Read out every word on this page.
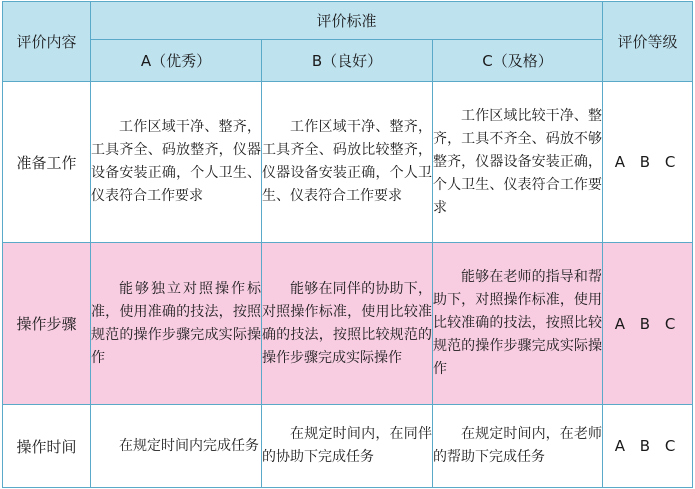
评价内容	评价标准			评价等级
	A（优秀）	B（良好）	C（及格）	
准备工作	工作区域干净、整齐，工具齐全、码放整齐，仪器设备安装正确，个人卫生、仪表符合工作要求	工作区域干净、整齐，工具齐全、码放比较整齐，仪器设备安装正确，个人卫生、仪表符合工作要求	工作区域比较干净、整齐，工具不齐全、码放不够整齐，仪器设备安装正确，个人卫生、仪表符合工作要求	A B C
操作步骤	能够独立对照操作标准，使用准确的技法，按照规范的操作步骤完成实际操作	能够在同伴的协助下，对照操作标准，使用比较准确的技法，按照比较规范的操作步骤完成实际操作	能够在老师的指导和帮助下，对照操作标准，使用比较准确的技法，按照比较规范的操作步骤完成实际操作	A B C
操作时间	在规定时间内完成任务	在规定时间内，在同伴的协助下完成任务	在规定时间内，在老师的帮助下完成任务	A B C
